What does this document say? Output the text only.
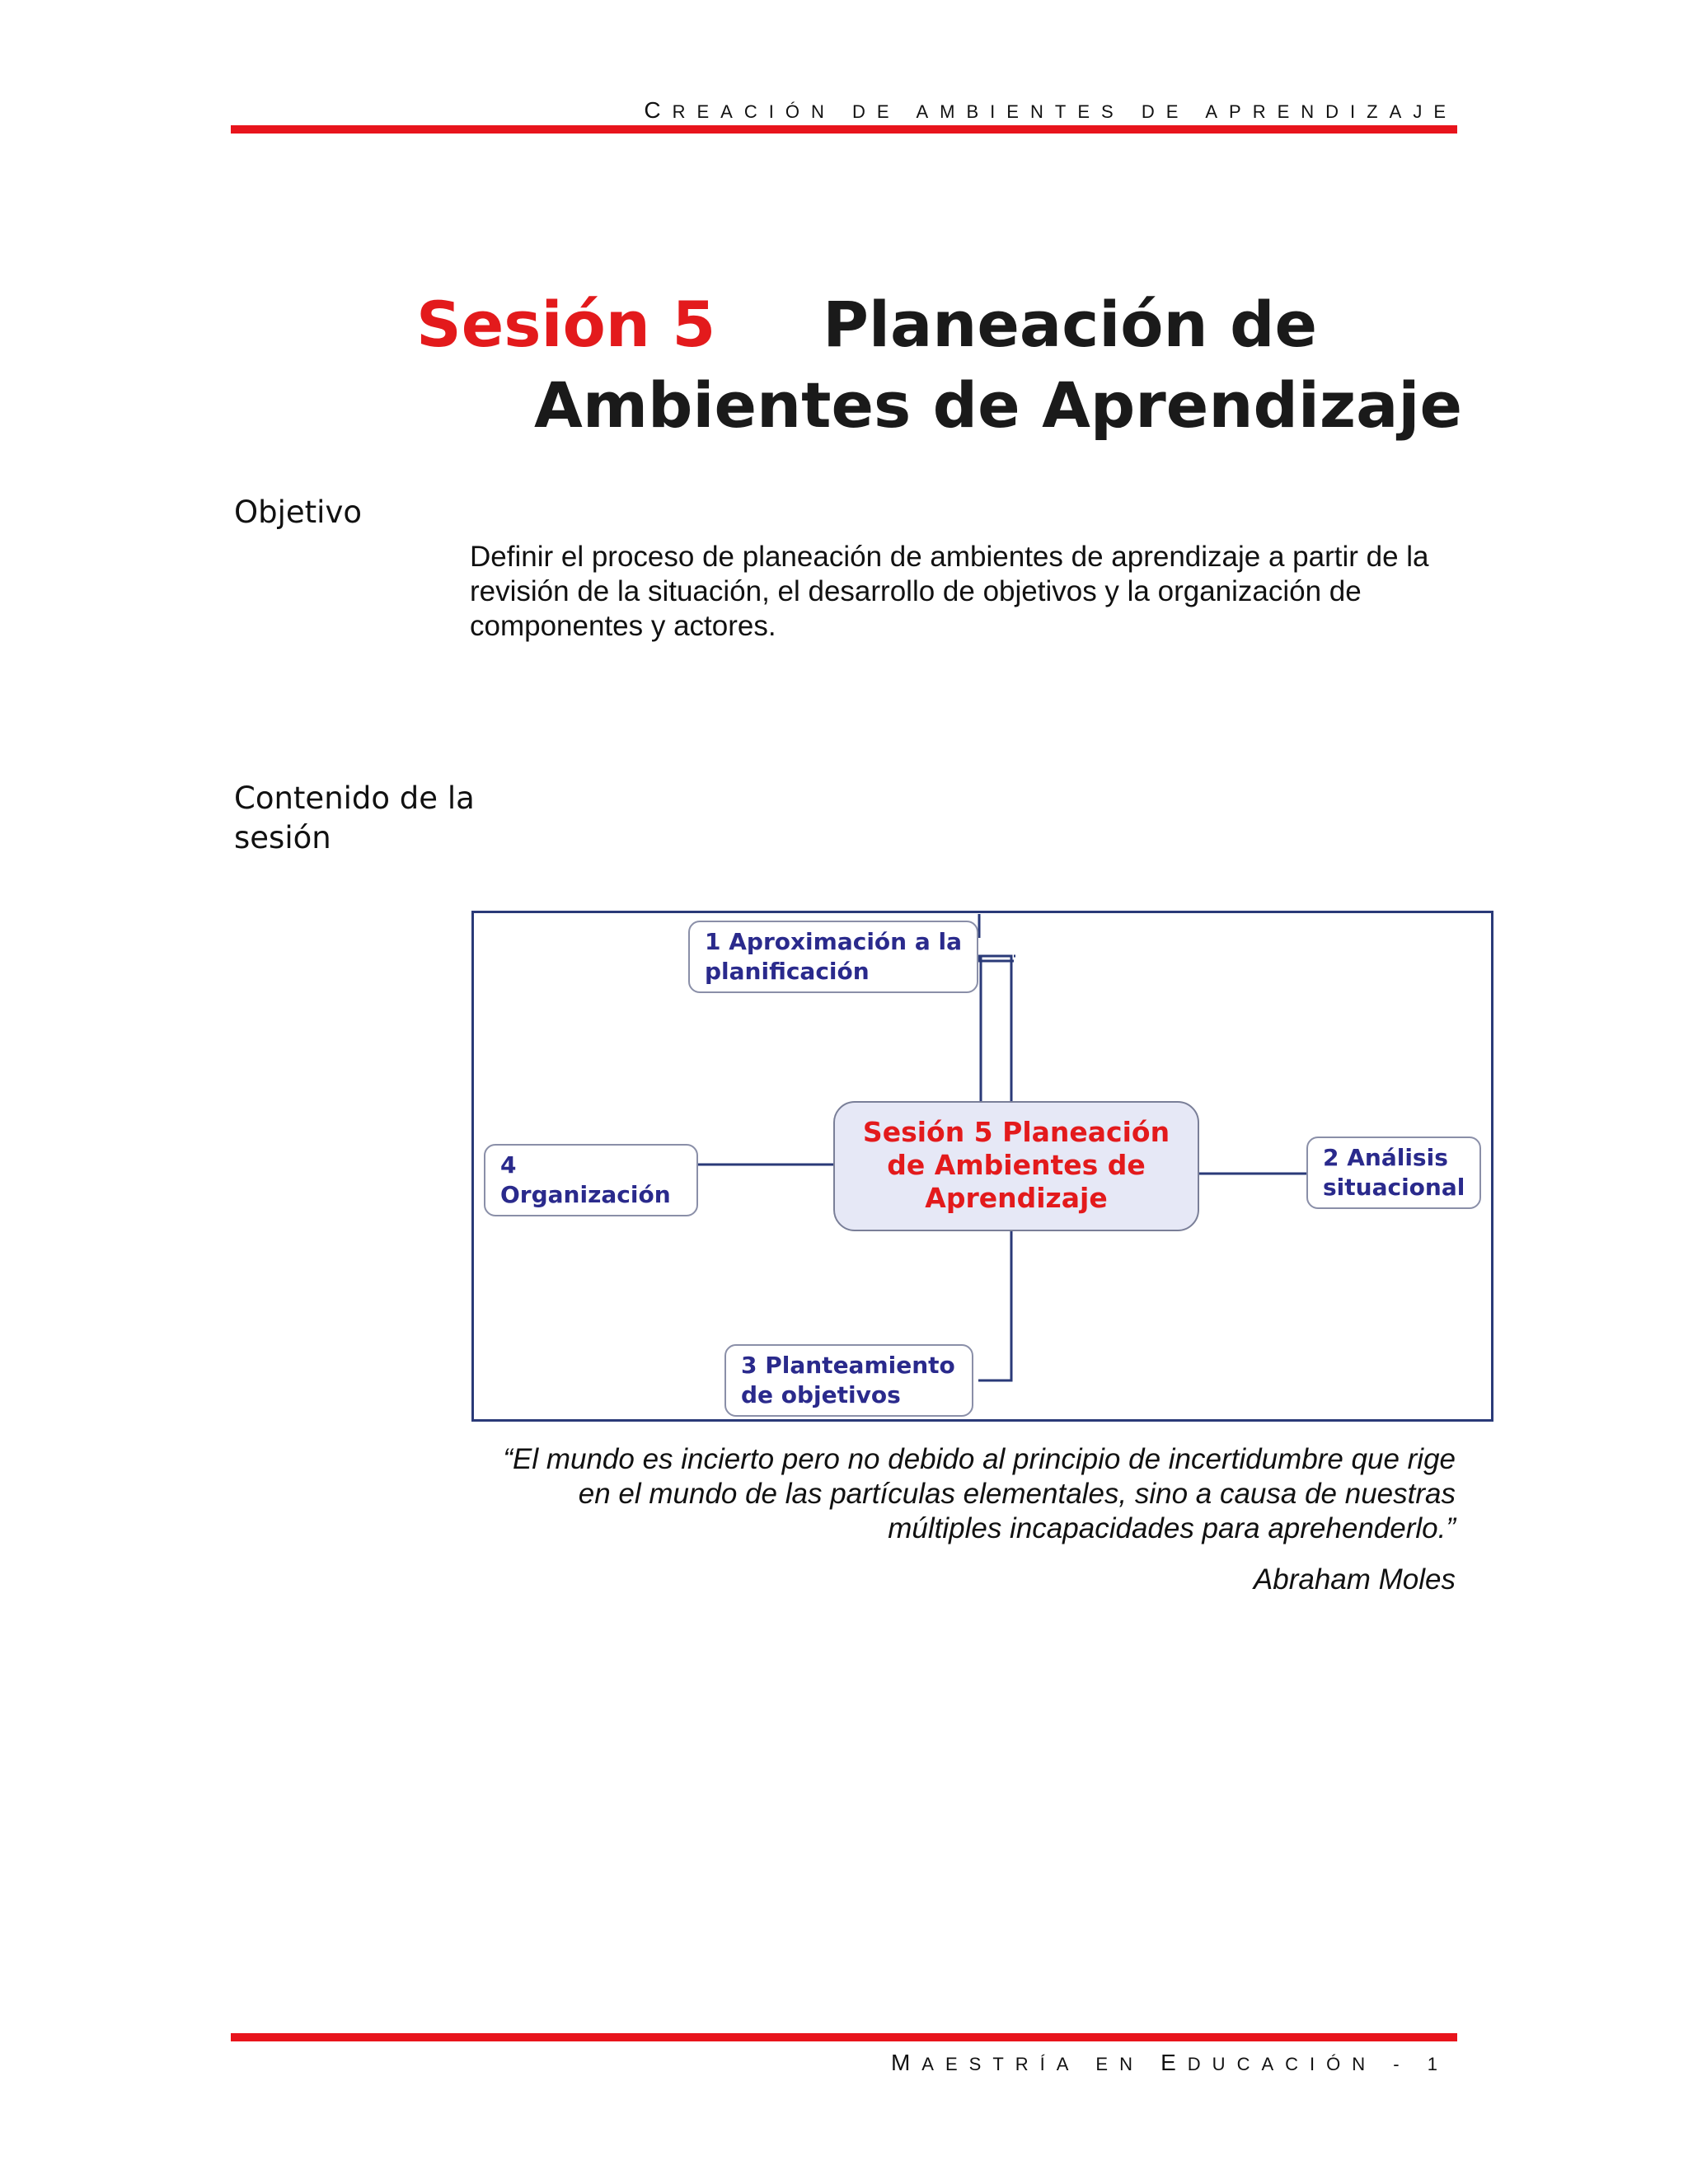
CREACIÓN DE AMBIENTES DE APRENDIZAJE
Sesión 5 Planeación de
Ambientes de Aprendizaje
Objetivo
Definir el proceso de planeación de ambientes de aprendizaje a partir de la revisión de la situación, el desarrollo de objetivos y la organización de componentes y actores.
Contenido de la
sesión
1 Aproximación a la
planificación
Sesión 5 Planeación
de Ambientes de
Aprendizaje
4 Organización
2 Análisis
situacional
3 Planteamiento
de objetivos
“El mundo es incierto pero no debido al principio de incertidumbre que rige en el mundo de las partículas elementales, sino a causa de nuestras múltiples incapacidades para aprehenderlo.”
Abraham Moles
MAESTRÍA EN EDUCACIÓN - 1
